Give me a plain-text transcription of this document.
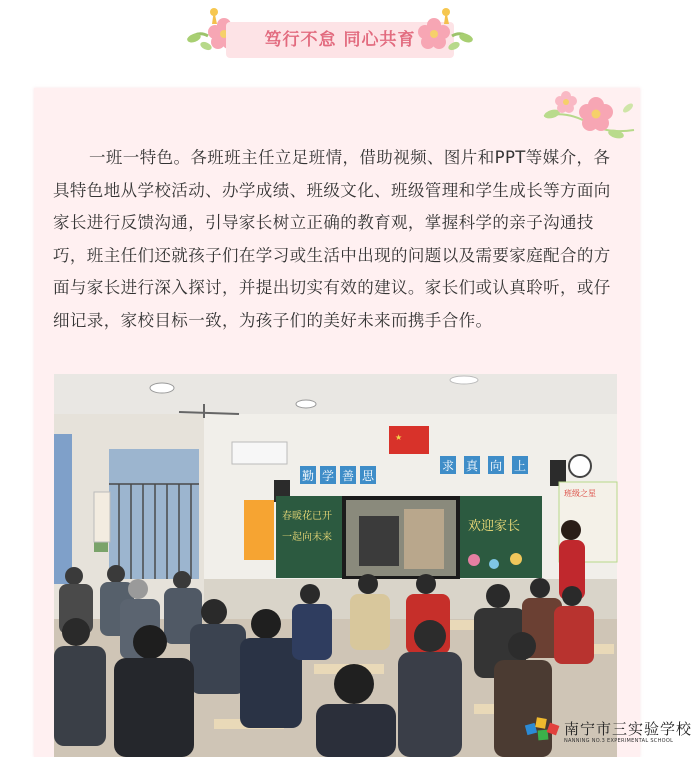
笃行不怠 同心共育
一班一特色。各班班主任立足班情，借助视频、图片和PPT等媒介，各具特色地从学校活动、办学成绩、班级文化、班级管理和学生成长等方面向家长进行反馈沟通，引导家长树立正确的教育观，掌握科学的亲子沟通技巧，班主任们还就孩子们在学习或生活中出现的问题以及需要家庭配合的方面与家长进行深入探讨，并提出切实有效的建议。家长们或认真聆听，或仔细记录，家校目标一致，为孩子们的美好未来而携手合作。
★
勤 学 善 思
求 真 向 上
春暖花已开
一起向未来
欢迎家长
班级之星
南宁市三实验学校
NANNING NO.3 EXPERIMENTAL SCHOOL
